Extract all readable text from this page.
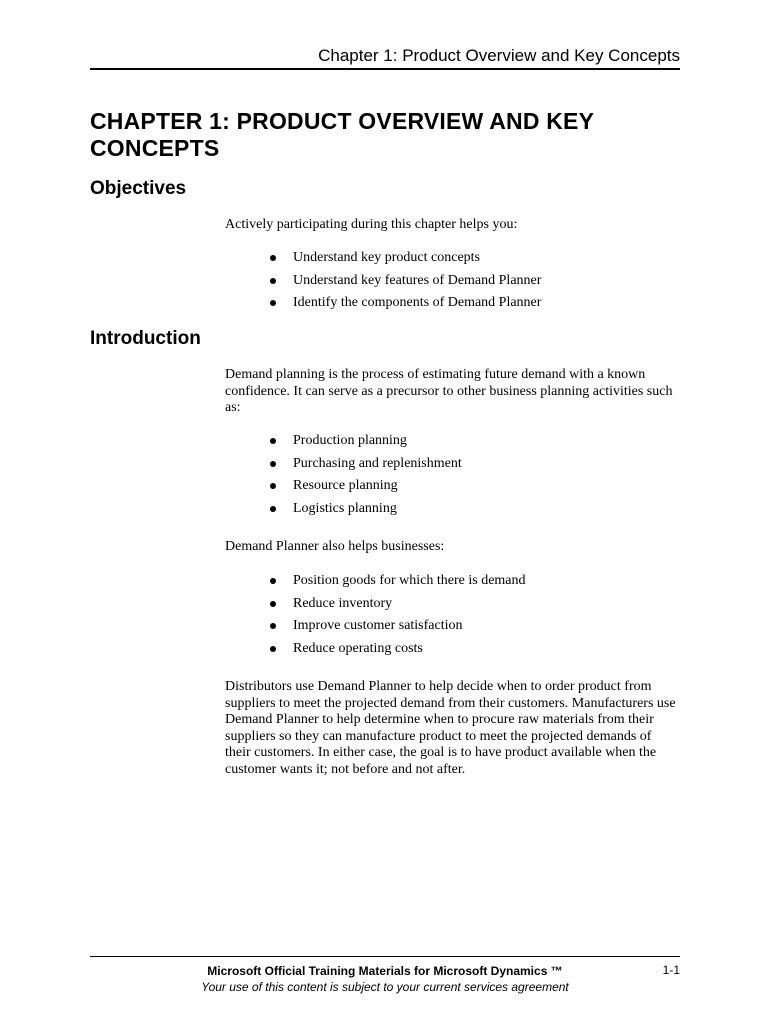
Chapter 1: Product Overview and Key Concepts
CHAPTER 1: PRODUCT OVERVIEW AND KEY CONCEPTS
Objectives

Actively participating during this chapter helps you:

Understand key product concepts
Understand key features of Demand Planner
Identify the components of Demand Planner
Introduction

Demand planning is the process of estimating future demand with a known confidence. It can serve as a precursor to other business planning activities such as:

Production planning
Purchasing and replenishment
Resource planning
Logistics planning

Demand Planner also helps businesses:

Position goods for which there is demand
Reduce inventory
Improve customer satisfaction
Reduce operating costs

Distributors use Demand Planner to help decide when to order product from suppliers to meet the projected demand from their customers. Manufacturers use Demand Planner to help determine when to procure raw materials from their suppliers so they can manufacture product to meet the projected demands of their customers. In either case, the goal is to have product available when the customer wants it; not before and not after.

Microsoft Official Training Materials for Microsoft Dynamics ™
Your use of this content is subject to your current services agreement
1-1
